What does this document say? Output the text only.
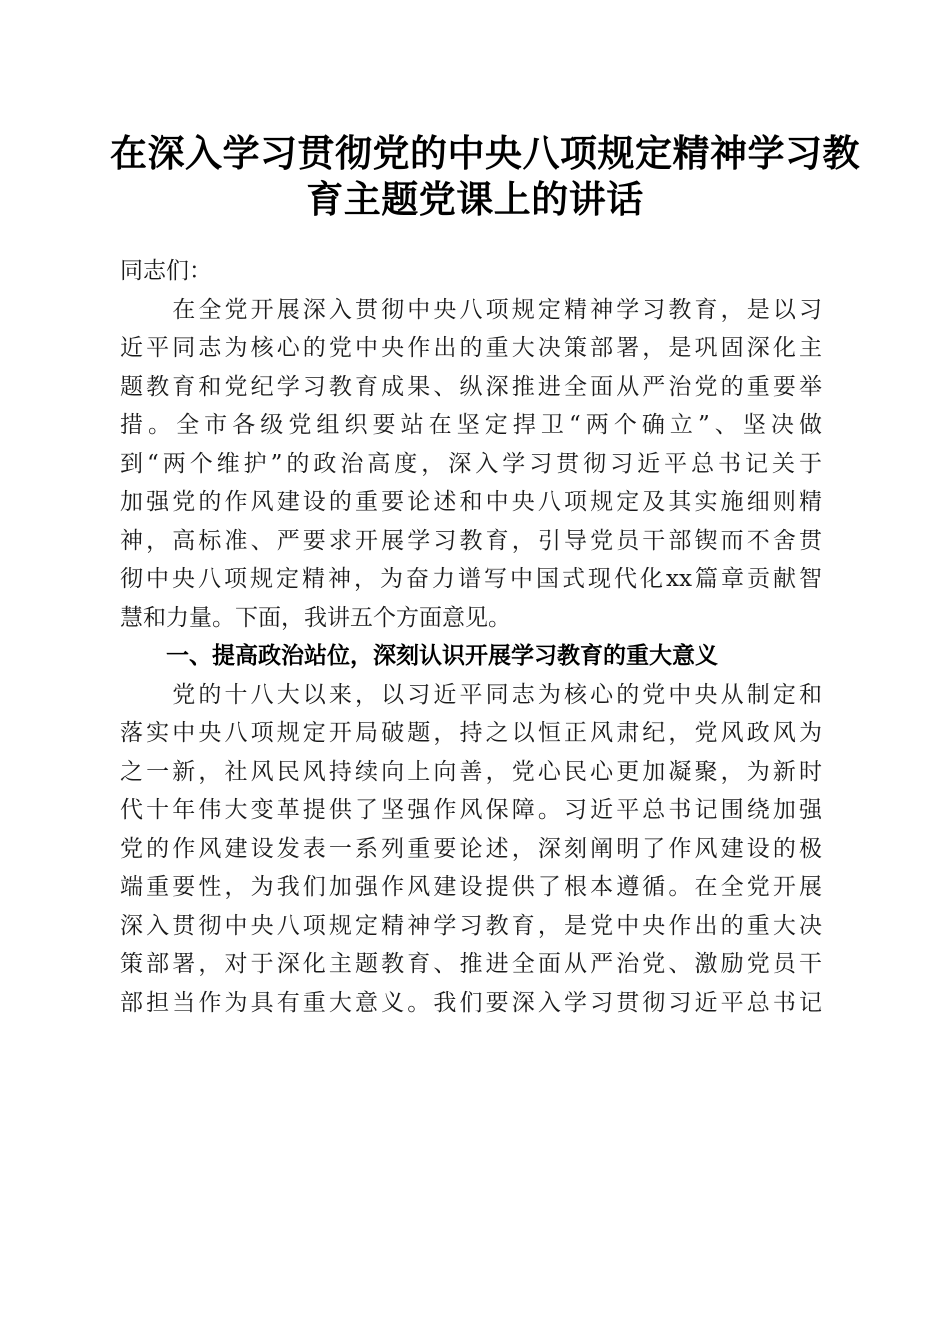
在深入学习贯彻党的中央八项规定精神学习教
育主题党课上的讲话

同志们：

　　在全党开展深入贯彻中央八项规定精神学习教育，是以习
近平同志为核心的党中央作出的重大决策部署，是巩固深化主
题教育和党纪学习教育成果、纵深推进全面从严治党的重要举
措。全市各级党组织要站在坚定捍卫“两个确立”、坚决做
到“两个维护”的政治高度，深入学习贯彻习近平总书记关于
加强党的作风建设的重要论述和中央八项规定及其实施细则精
神，高标准、严要求开展学习教育，引导党员干部锲而不舍贯
彻中央八项规定精神，为奋力谱写中国式现代化xx篇章贡献智
慧和力量。下面，我讲五个方面意见。

一、提高政治站位，深刻认识开展学习教育的重大意义

　　党的十八大以来，以习近平同志为核心的党中央从制定和
落实中央八项规定开局破题，持之以恒正风肃纪，党风政风为
之一新，社风民风持续向上向善，党心民心更加凝聚，为新时
代十年伟大变革提供了坚强作风保障。习近平总书记围绕加强
党的作风建设发表一系列重要论述，深刻阐明了作风建设的极
端重要性，为我们加强作风建设提供了根本遵循。在全党开展
深入贯彻中央八项规定精神学习教育，是党中央作出的重大决
策部署，对于深化主题教育、推进全面从严治党、激励党员干
部担当作为具有重大意义。我们要深入学习贯彻习近平总书记
